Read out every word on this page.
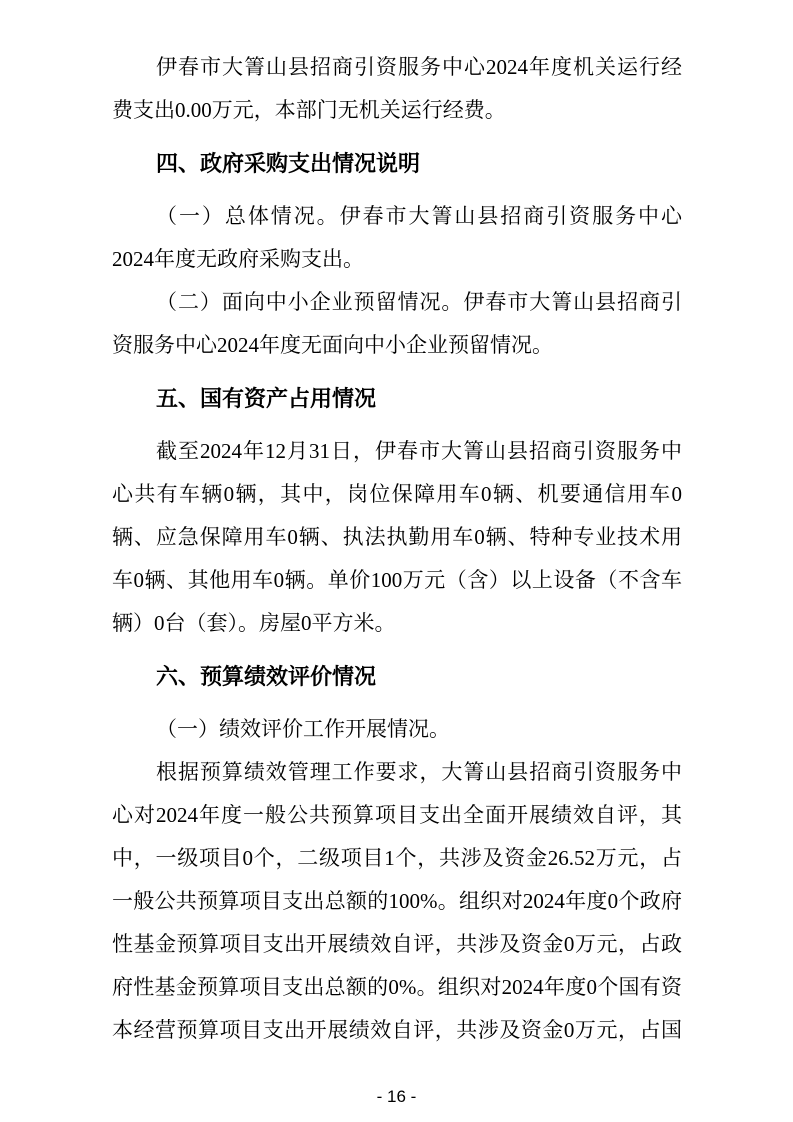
伊春市大箐山县招商引资服务中心2024年度机关运行经
费支出0.00万元，本部门无机关运行经费。

四、政府采购支出情况说明

（一）总体情况。伊春市大箐山县招商引资服务中心
2024年度无政府采购支出。

（二）面向中小企业预留情况。伊春市大箐山县招商引
资服务中心2024年度无面向中小企业预留情况。

五、国有资产占用情况

截至2024年12月31日，伊春市大箐山县招商引资服务中
心共有车辆0辆，其中，岗位保障用车0辆、机要通信用车0
辆、应急保障用车0辆、执法执勤用车0辆、特种专业技术用
车0辆、其他用车0辆。单价100万元（含）以上设备（不含车
辆）0台（套）。房屋0平方米。

六、预算绩效评价情况

（一）绩效评价工作开展情况。

根据预算绩效管理工作要求，大箐山县招商引资服务中
心对2024年度一般公共预算项目支出全面开展绩效自评，其
中，一级项目0个，二级项目1个，共涉及资金26.52万元，占
一般公共预算项目支出总额的100%。组织对2024年度0个政府
性基金预算项目支出开展绩效自评，共涉及资金0万元，占政
府性基金预算项目支出总额的0%。组织对2024年度0个国有资
本经营预算项目支出开展绩效自评，共涉及资金0万元，占国

- 16 -
